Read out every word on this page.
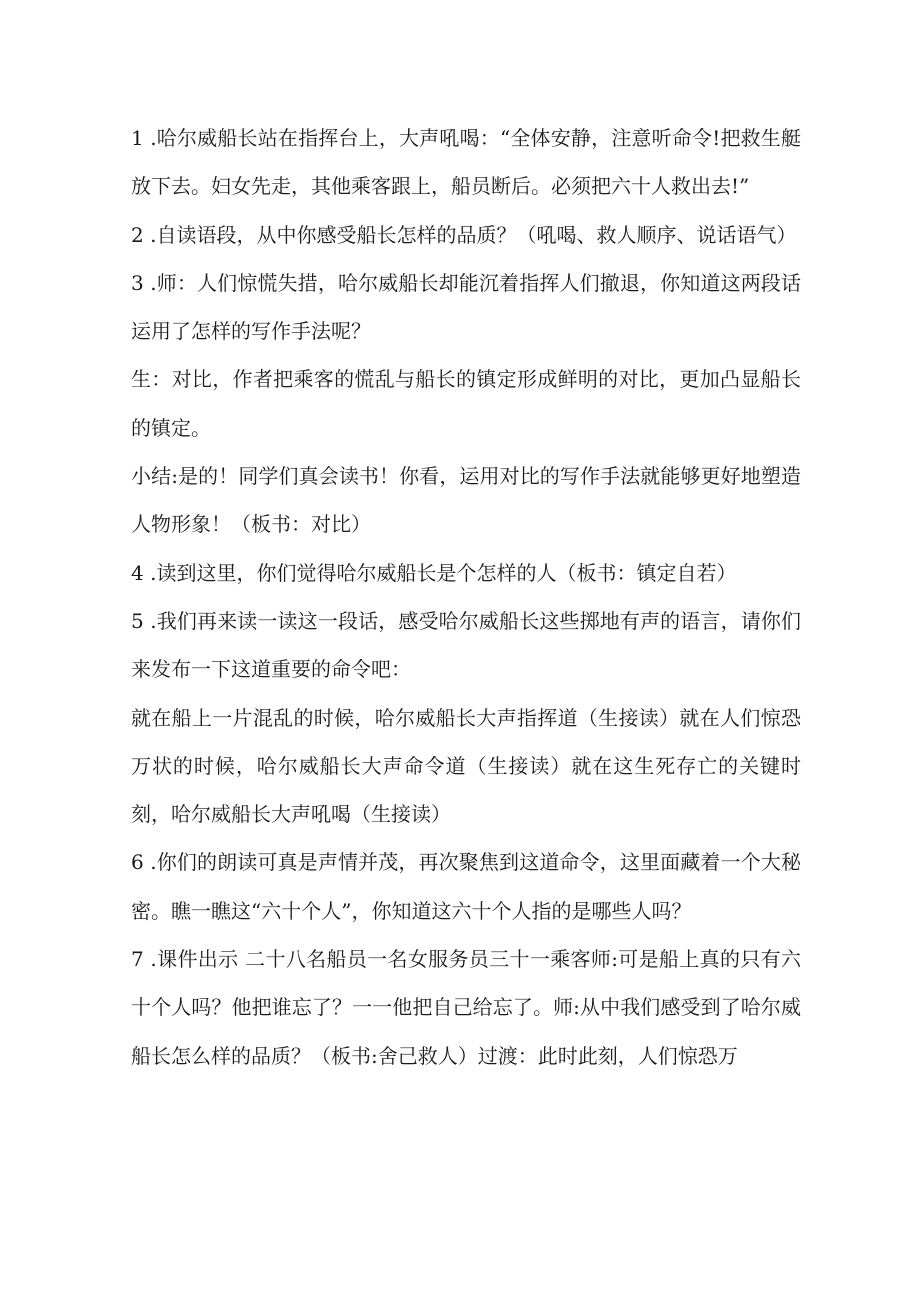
1 .哈尔威船长站在指挥台上，大声吼喝：“全体安静，注意听命令!把救生艇放下去。妇女先走，其他乘客跟上，船员断后。必须把六十人救出去!”

2 .自读语段，从中你感受船长怎样的品质？（吼喝、救人顺序、说话语气）

3 .师：人们惊慌失措，哈尔威船长却能沉着指挥人们撤退，你知道这两段话运用了怎样的写作手法呢？

生：对比，作者把乘客的慌乱与船长的镇定形成鲜明的对比，更加凸显船长的镇定。

小结:是的！同学们真会读书！你看，运用对比的写作手法就能够更好地塑造人物形象！（板书：对比）

4 .读到这里，你们觉得哈尔威船长是个怎样的人（板书：镇定自若）

5 .我们再来读一读这一段话，感受哈尔威船长这些掷地有声的语言，请你们来发布一下这道重要的命令吧：

就在船上一片混乱的时候，哈尔威船长大声指挥道（生接读）就在人们惊恐万状的时候，哈尔威船长大声命令道（生接读）就在这生死存亡的关键时刻，哈尔威船长大声吼喝（生接读）

6 .你们的朗读可真是声情并茂，再次聚焦到这道命令，这里面藏着一个大秘密。瞧一瞧这“六十个人”，你知道这六十个人指的是哪些人吗？

7 .课件出示 二十八名船员一名女服务员三十一乘客师:可是船上真的只有六十个人吗？他把谁忘了？一一他把自己给忘了。师:从中我们感受到了哈尔威船长怎么样的品质？（板书:舍己救人）过渡：此时此刻，人们惊恐万
